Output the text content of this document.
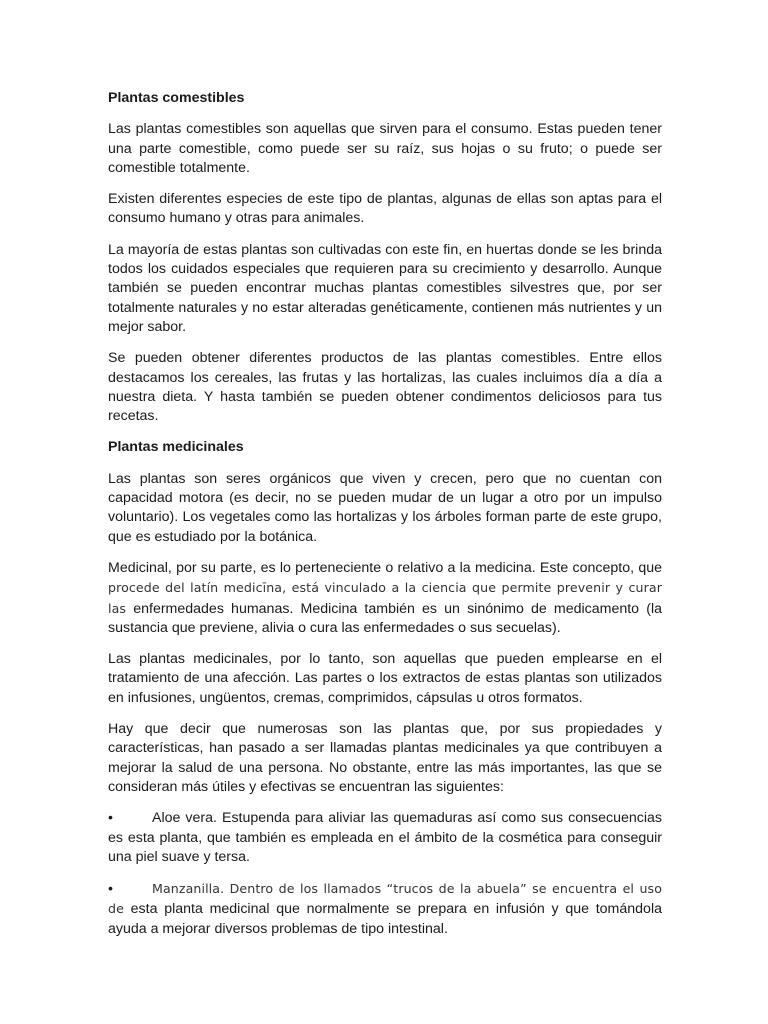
Plantas comestibles
Las plantas comestibles son aquellas que sirven para el consumo. Estas pueden tener una parte comestible, como puede ser su raíz, sus hojas o su fruto; o puede ser comestible totalmente.
Existen diferentes especies de este tipo de plantas, algunas de ellas son aptas para el consumo humano y otras para animales.
La mayoría de estas plantas son cultivadas con este fin, en huertas donde se les brinda todos los cuidados especiales que requieren para su crecimiento y desarrollo. Aunque también se pueden encontrar muchas plantas comestibles silvestres que, por ser totalmente naturales y no estar alteradas genéticamente, contienen más nutrientes y un mejor sabor.
Se pueden obtener diferentes productos de las plantas comestibles. Entre ellos destacamos los cereales, las frutas y las hortalizas, las cuales incluimos día a día a nuestra dieta. Y hasta también se pueden obtener condimentos deliciosos para tus recetas.
Plantas medicinales
Las plantas son seres orgánicos que viven y crecen, pero que no cuentan con capacidad motora (es decir, no se pueden mudar de un lugar a otro por un impulso voluntario). Los vegetales como las hortalizas y los árboles forman parte de este grupo, que es estudiado por la botánica.
Medicinal, por su parte, es lo perteneciente o relativo a la medicina. Este concepto, que procede del latín medicīna, está vinculado a la ciencia que permite prevenir y curar las enfermedades humanas. Medicina también es un sinónimo de medicamento (la sustancia que previene, alivia o cura las enfermedades o sus secuelas).
Las plantas medicinales, por lo tanto, son aquellas que pueden emplearse en el tratamiento de una afección. Las partes o los extractos de estas plantas son utilizados en infusiones, ungüentos, cremas, comprimidos, cápsulas u otros formatos.
Hay que decir que numerosas son las plantas que, por sus propiedades y características, han pasado a ser llamadas plantas medicinales ya que contribuyen a mejorar la salud de una persona. No obstante, entre las más importantes, las que se consideran más útiles y efectivas se encuentran las siguientes:
•	Aloe vera. Estupenda para aliviar las quemaduras así como sus consecuencias es esta planta, que también es empleada en el ámbito de la cosmética para conseguir una piel suave y tersa.
•	Manzanilla. Dentro de los llamados “trucos de la abuela” se encuentra el uso de esta planta medicinal que normalmente se prepara en infusión y que tomándola ayuda a mejorar diversos problemas de tipo intestinal.
